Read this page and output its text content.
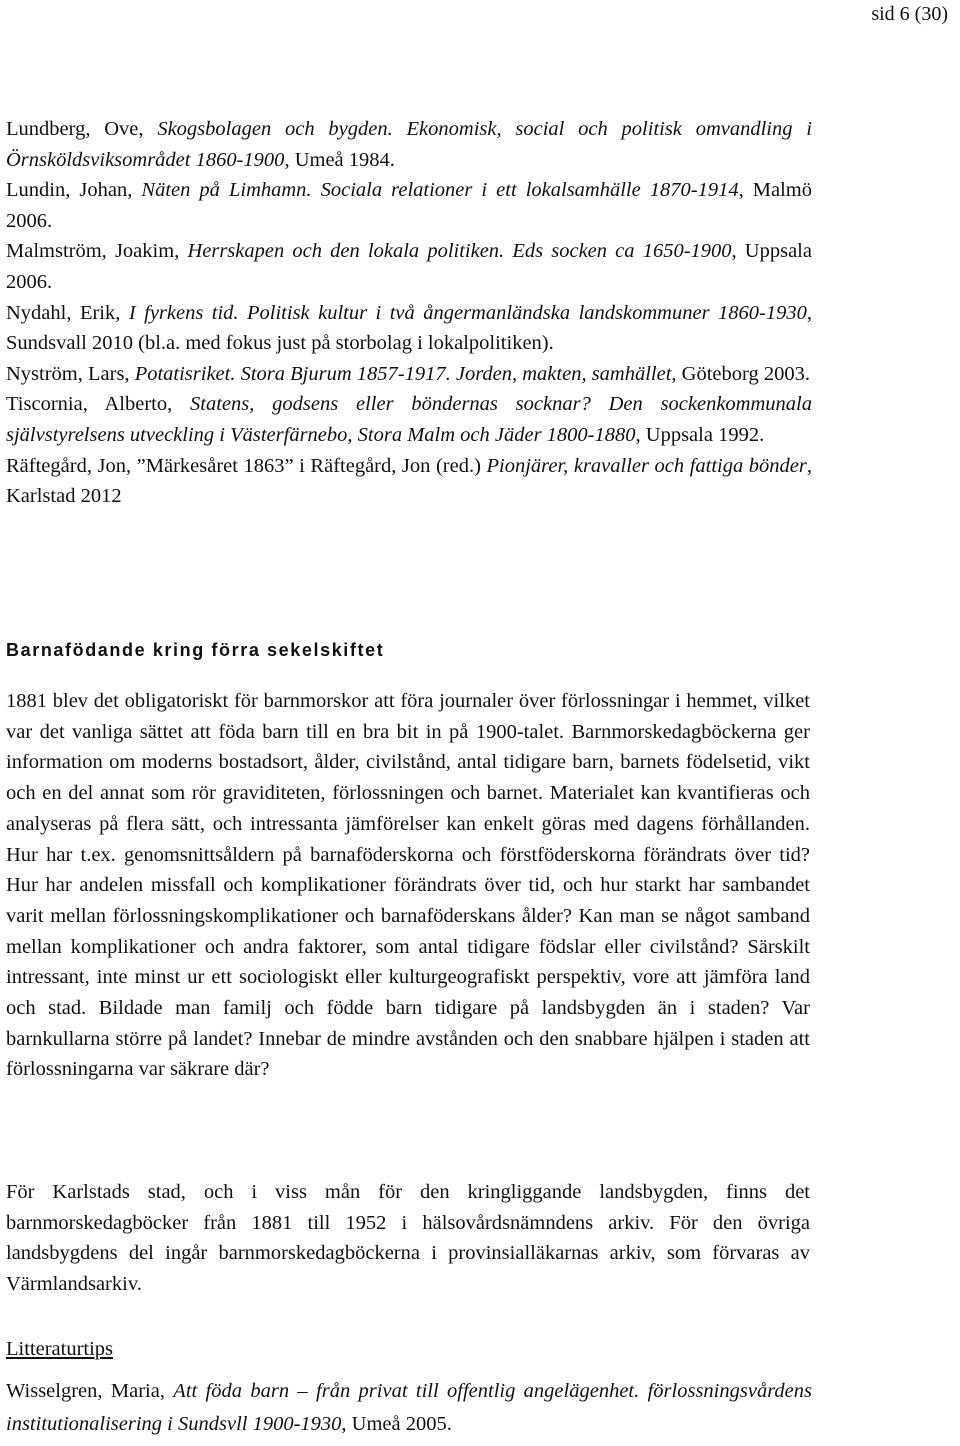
sid 6 (30)

Lundberg, Ove, Skogsbolagen och bygden. Ekonomisk, social och politisk omvandling i Örnsköldsviksområdet 1860-1900, Umeå 1984.

Lundin, Johan, Näten på Limhamn. Sociala relationer i ett lokalsamhälle 1870-1914, Malmö 2006.

Malmström, Joakim, Herrskapen och den lokala politiken. Eds socken ca 1650-1900, Uppsala 2006.

Nydahl, Erik, I fyrkens tid. Politisk kultur i två ångermanländska landskommuner 1860-1930, Sundsvall 2010 (bl.a. med fokus just på storbolag i lokalpolitiken).

Nyström, Lars, Potatisriket. Stora Bjurum 1857-1917. Jorden, makten, samhället, Göteborg 2003.

Tiscornia, Alberto, Statens, godsens eller böndernas socknar? Den sockenkommunala självstyrelsens utveckling i Västerfärnebo, Stora Malm och Jäder 1800-1880, Uppsala 1992.

Räftegård, Jon, ”Märkesåret 1863” i Räftegård, Jon (red.) Pionjärer, kravaller och fattiga bönder, Karlstad 2012

Barnafödande kring förra sekelskiftet

1881 blev det obligatoriskt för barnmorskor att föra journaler över förlossningar i hemmet, vilket var det vanliga sättet att föda barn till en bra bit in på 1900-talet. Barnmorskedagböckerna ger information om moderns bostadsort, ålder, civilstånd, antal tidigare barn, barnets födelsetid, vikt och en del annat som rör graviditeten, förlossningen och barnet. Materialet kan kvantifieras och analyseras på flera sätt, och intressanta jämförelser kan enkelt göras med dagens förhållanden. Hur har t.ex. genomsnittsåldern på barnaföderskorna och förstföderskorna förändrats över tid? Hur har andelen missfall och komplikationer förändrats över tid, och hur starkt har sambandet varit mellan förlossningskomplikationer och barnaföderskans ålder? Kan man se något samband mellan komplikationer och andra faktorer, som antal tidigare födslar eller civilstånd? Särskilt intressant, inte minst ur ett sociologiskt eller kulturgeografiskt perspektiv, vore att jämföra land och stad. Bildade man familj och födde barn tidigare på landsbygden än i staden? Var barnkullarna större på landet? Innebar de mindre avstånden och den snabbare hjälpen i staden att förlossningarna var säkrare där?

För Karlstads stad, och i viss mån för den kringliggande landsbygden, finns det barnmorskedagböcker från 1881 till 1952 i hälsovårdsnämndens arkiv. För den övriga landsbygdens del ingår barnmorskedagböckerna i provinsialläkarnas arkiv, som förvaras av Värmlandsarkiv.

Litteraturtips

Wisselgren, Maria, Att föda barn – från privat till offentlig angelägenhet. förlossningsvårdens institutionalisering i Sundsvll 1900-1930, Umeå 2005.
